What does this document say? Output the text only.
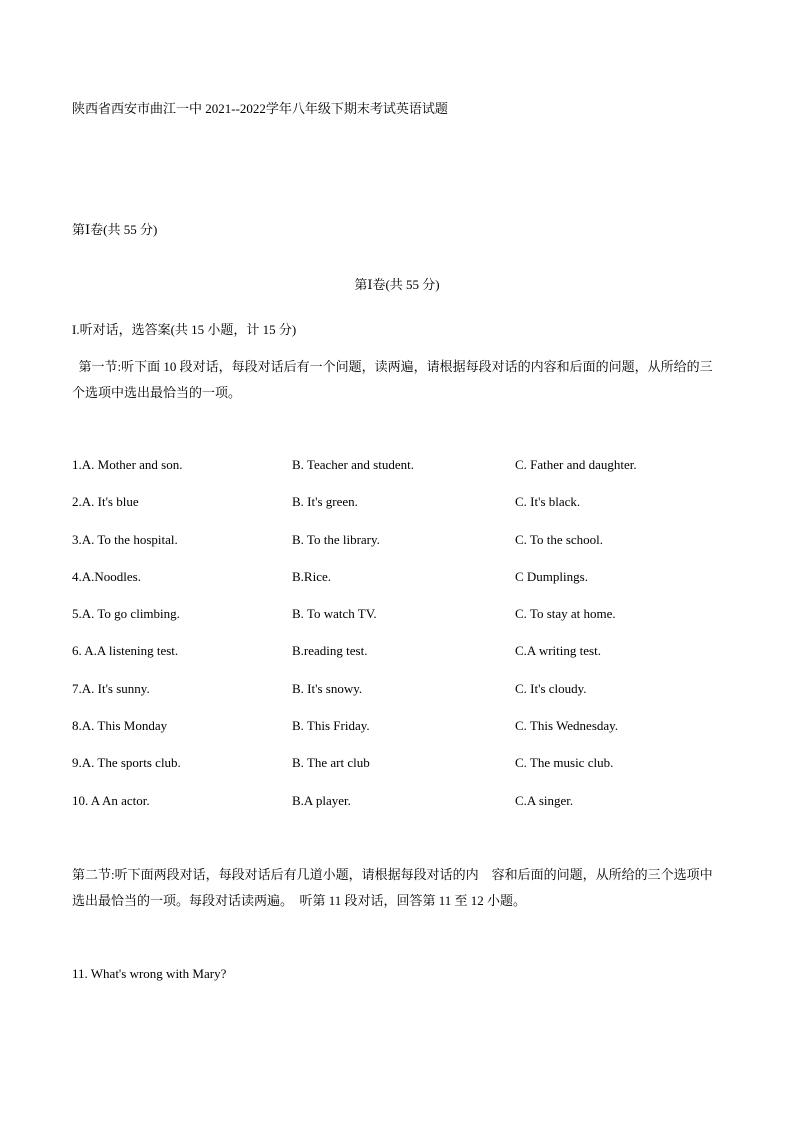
陕西省西安市曲江一中 2021--2022学年八年级下期末考试英语试题
第Ⅰ卷(共 55 分)
第Ⅰ卷(共 55 分)
I.听对话，选答案(共 15 小题，计 15 分)
第一节:听下面 10 段对话，每段对话后有一个问题，读两遍，请根据每段对话的内容和后面的问题，从所给的三个选项中选出最恰当的一项。
1.A. Mother and son.	B. Teacher and student.	C. Father and daughter.
2.A. It's blue	B. It's green.	C. It's black.
3.A. To the hospital.	B. To the library.	C. To the school.
4.A.Noodles.	B.Rice.	C Dumplings.
5.A. To go climbing.	B. To watch TV.	C. To stay at home.
6. A.A listening test.	B.reading test.	C.A writing test.
7.A. It's sunny.	B. It's snowy.	C. It's cloudy.
8.A. This Monday	B. This Friday.	C. This Wednesday.
9.A. The sports club.	B. The art club	C. The music club.
10. A An actor.	B.A player.	C.A singer.
第二节:听下面两段对话，每段对话后有几道小题，请根据每段对话的内    容和后面的问题，从所给的三个选项中选出最恰当的一项。每段对话读两遍。  听第 11 段对话，回答第 11 至 12 小题。
11. What's wrong with Mary?
